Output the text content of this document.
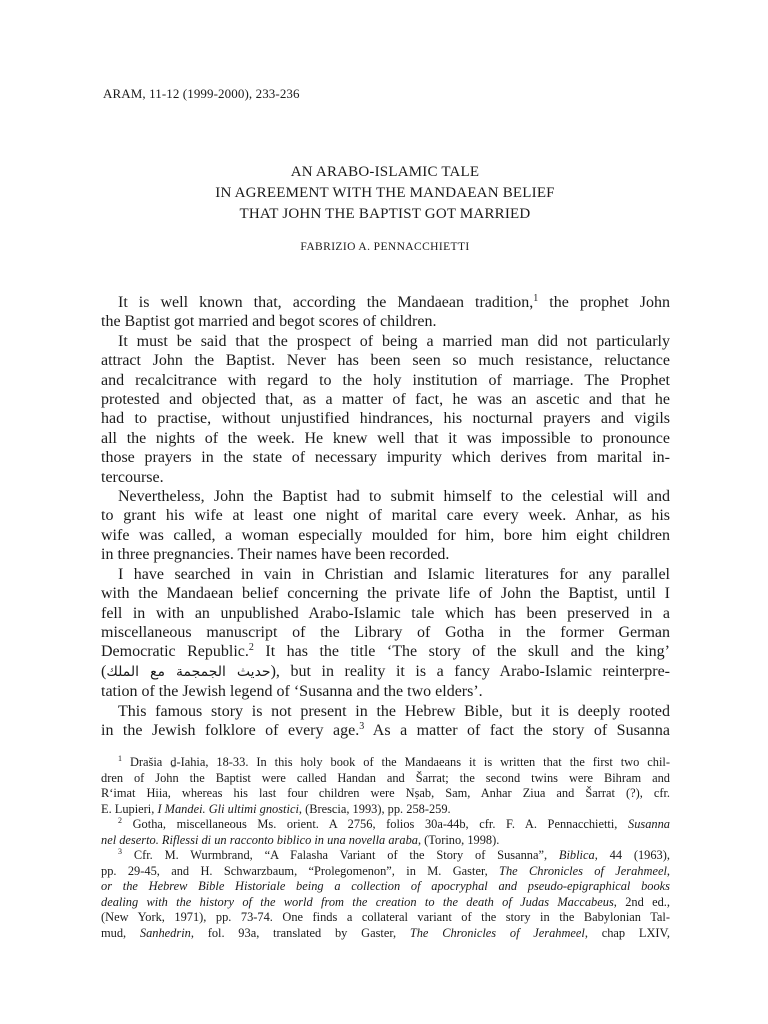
ARAM, 11-12 (1999-2000), 233-236
AN ARABO-ISLAMIC TALE
IN AGREEMENT WITH THE MANDAEAN BELIEF
THAT JOHN THE BAPTIST GOT MARRIED
FABRIZIO A. PENNACCHIETTI
It is well known that, according the Mandaean tradition,$^1$ the prophet John
the Baptist got married and begot scores of children.
It must be said that the prospect of being a married man did not particularly
attract John the Baptist. Never has been seen so much resistance, reluctance
and recalcitrance with regard to the holy institution of marriage. The Prophet
protested and objected that, as a matter of fact, he was an ascetic and that he
had to practise, without unjustified hindrances, his nocturnal prayers and vigils
all the nights of the week. He knew well that it was impossible to pronounce
those prayers in the state of necessary impurity which derives from marital in-
tercourse.
Nevertheless, John the Baptist had to submit himself to the celestial will and
to grant his wife at least one night of marital care every week. Anhar, as his
wife was called, a woman especially moulded for him, bore him eight children
in three pregnancies. Their names have been recorded.
I have searched in vain in Christian and Islamic literatures for any parallel
with the Mandaean belief concerning the private life of John the Baptist, until I
fell in with an unpublished Arabo-Islamic tale which has been preserved in a
miscellaneous manuscript of the Library of Gotha in the former German
Democratic Republic.$^2$ It has the title ‘The story of the skull and the king’
(حديث الجمجمة مع الملك), but in reality it is a fancy Arabo-Islamic reinterpre-
tation of the Jewish legend of ‘Susanna and the two elders’.
This famous story is not present in the Hebrew Bible, but it is deeply rooted
in the Jewish folklore of every age.$^3$ As a matter of fact the story of Susanna
$^1$ Drašia ḏ-Iahia, 18-33. In this holy book of the Mandaeans it is written that the first two chil-
dren of John the Baptist were called Handan and Šarrat; the second twins were Bihram and
R‘imat Hiia, whereas his last four children were Nṣab, Sam, Anhar Ziua and Šarrat (?), cfr.
E. Lupieri, I Mandei. Gli ultimi gnostici, (Brescia, 1993), pp. 258-259.
$^2$ Gotha, miscellaneous Ms. orient. A 2756, folios 30a-44b, cfr. F. A. Pennacchietti, Susanna
nel deserto. Riflessi di un racconto biblico in una novella araba, (Torino, 1998).
$^3$ Cfr. M. Wurmbrand, “A Falasha Variant of the Story of Susanna”, Biblica, 44 (1963),
pp. 29-45, and H. Schwarzbaum, “Prolegomenon”, in M. Gaster, The Chronicles of Jerahmeel,
or the Hebrew Bible Historiale being a collection of apocryphal and pseudo-epigraphical books
dealing with the history of the world from the creation to the death of Judas Maccabeus, 2nd ed.,
(New York, 1971), pp. 73-74. One finds a collateral variant of the story in the Babylonian Tal-
mud, Sanhedrin, fol. 93a, translated by Gaster, The Chronicles of Jerahmeel, chap LXIV,
